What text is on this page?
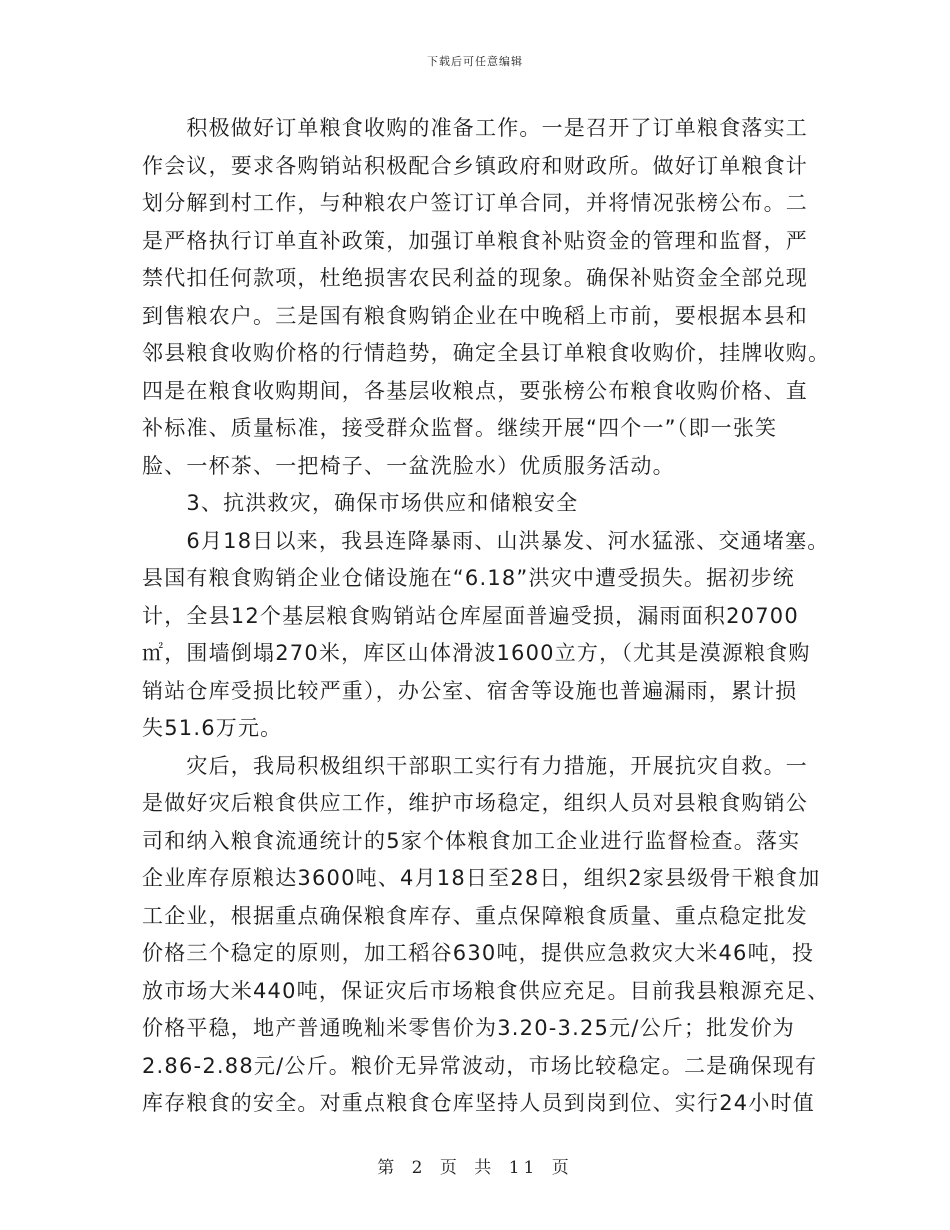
下载后可任意编辑
　　积极做好订单粮食收购的准备工作。一是召开了订单粮食落实工
作会议，要求各购销站积极配合乡镇政府和财政所。做好订单粮食计
划分解到村工作，与种粮农户签订订单合同，并将情况张榜公布。二
是严格执行订单直补政策，加强订单粮食补贴资金的管理和监督，严
禁代扣任何款项，杜绝损害农民利益的现象。确保补贴资金全部兑现
到售粮农户。三是国有粮食购销企业在中晚稻上市前，要根据本县和
邻县粮食收购价格的行情趋势，确定全县订单粮食收购价，挂牌收购。
四是在粮食收购期间，各基层收粮点，要张榜公布粮食收购价格、直
补标准、质量标准，接受群众监督。继续开展“四个一”（即一张笑
脸、一杯茶、一把椅子、一盆洗脸水）优质服务活动。
　　3、抗洪救灾，确保市场供应和储粮安全
　　6月18日以来，我县连降暴雨、山洪暴发、河水猛涨、交通堵塞。
县国有粮食购销企业仓储设施在“6.18”洪灾中遭受损失。据初步统
计，全县12个基层粮食购销站仓库屋面普遍受损，漏雨面积20700
㎡，围墙倒塌270米，库区山体滑波1600立方，（尤其是漠源粮食购
销站仓库受损比较严重），办公室、宿舍等设施也普遍漏雨，累计损
失51.6万元。
　　灾后，我局积极组织干部职工实行有力措施，开展抗灾自救。一
是做好灾后粮食供应工作，维护市场稳定，组织人员对县粮食购销公
司和纳入粮食流通统计的5家个体粮食加工企业进行监督检查。落实
企业库存原粮达3600吨、4月18日至28日，组织2家县级骨干粮食加
工企业，根据重点确保粮食库存、重点保障粮食质量、重点稳定批发
价格三个稳定的原则，加工稻谷630吨，提供应急救灾大米46吨，投
放市场大米440吨，保证灾后市场粮食供应充足。目前我县粮源充足、
价格平稳，地产普通晚籼米零售价为3.20-3.25元/公斤；批发价为
2.86-2.88元/公斤。粮价无异常波动，市场比较稳定。二是确保现有
库存粮食的安全。对重点粮食仓库坚持人员到岗到位、实行24小时值
第 2 页 共 11 页
